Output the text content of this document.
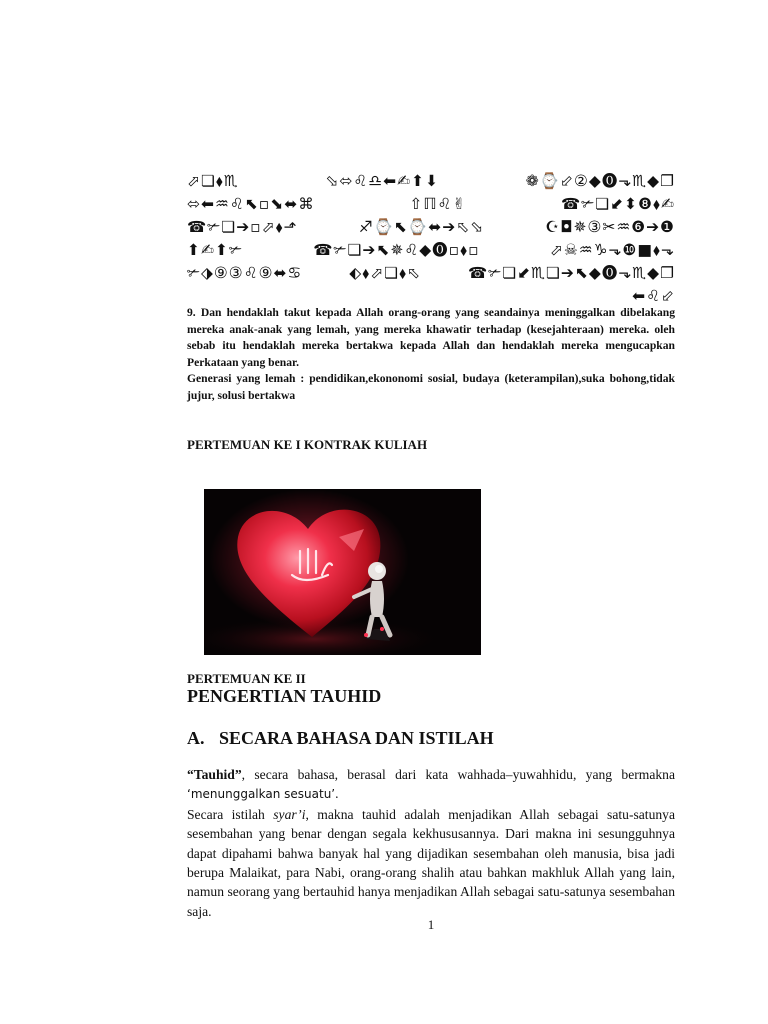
⬀❏⬧♏	⬂⬄♌♎⬅✍⬆⬇	❁⌚⬃②◆⓿⬎♏◆❐
⬄⬅♒♌⬉▫⬊⬌⌘	⇧ℿ♌✌	☎✃❏⬋⬍❽⬧✍
☎✃❏➔▫⬀⬧⬏	♐⌚⬉⌚⬌➔⬁⬂	☪◘✵③✂♒❻➔❶
⬆✍⬆✃	☎✃❏➔⬉✵♌◆⓿▫⬧▫	⬀☠♒♑⬎❿■⬧⬎
✃⬗⑨③♌⑨⬌♋	⬖⬧⬀❏⬧⬁	☎✃❏⬋♏❏➔⬉◆⓿⬎♏◆❐
⬅♌⬃

9. Dan hendaklah takut kepada Allah orang-orang yang seandainya meninggalkan dibelakang mereka anak-anak yang lemah, yang mereka khawatir terhadap (kesejahteraan) mereka. oleh sebab itu hendaklah mereka bertakwa kepada Allah dan hendaklah mereka mengucapkan Perkataan yang benar.

Generasi yang lemah : pendidikan,ekononomi sosial, budaya (keterampilan),suka bohong,tidak jujur, solusi bertakwa

PERTEMUAN KE I KONTRAK KULIAH
PERTEMUAN KE II
PENGERTIAN TAUHID
A. SECARA BAHASA DAN ISTILAH

“Tauhid”, secara bahasa, berasal dari kata wahhada–yuwahhidu, yang bermakna ‘menunggalkan sesuatu’.

Secara istilah syar’i, makna tauhid adalah menjadikan Allah sebagai satu-satunya sesembahan yang benar dengan segala kekhususannya. Dari makna ini sesungguhnya dapat dipahami bahwa banyak hal yang dijadikan sesembahan oleh manusia, bisa jadi berupa Malaikat, para Nabi, orang-orang shalih atau bahkan makhluk Allah yang lain, namun seorang yang bertauhid hanya menjadikan Allah sebagai satu-satunya sesembahan saja.

1
